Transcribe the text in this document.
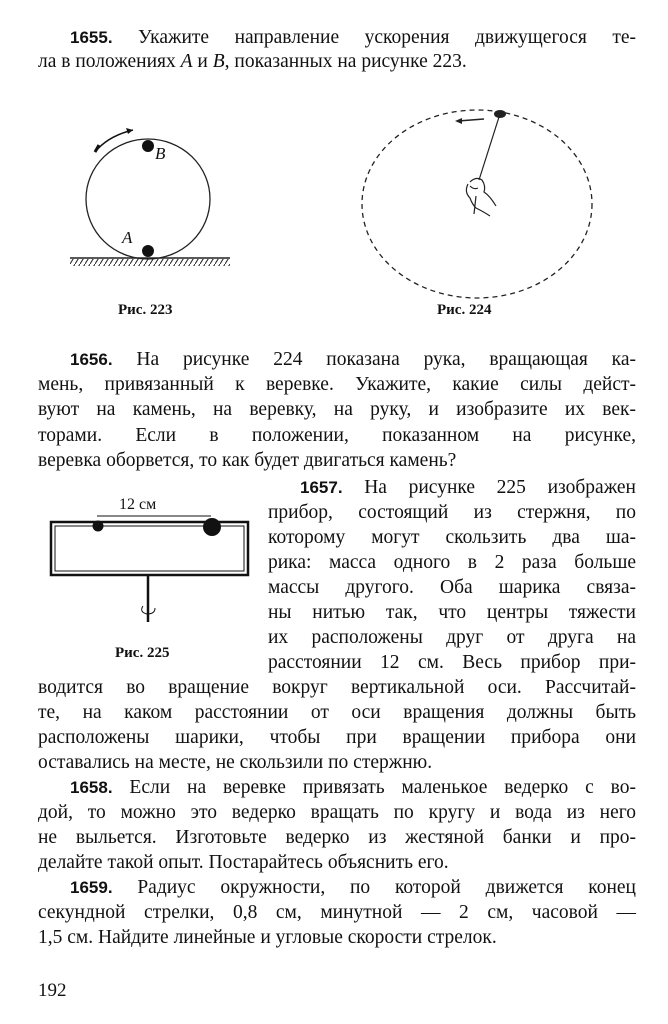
1655. Укажите направление ускорения движущегося те-
ла в положениях A и B, показанных на рисунке 223.
B
A
12 см
Рис. 223	Рис. 224
Рис. 225
1656. На рисунке 224 показана рука, вращающая ка-
мень, привязанный к веревке. Укажите, какие силы дейст-
вуют на камень, на веревку, на руку, и изобразите их век-
торами. Если в положении, показанном на рисунке,
веревка оборвется, то как будет двигаться камень?
1657. На рисунке 225 изображен
прибор, состоящий из стержня, по
которому могут скользить два ша-
рика: масса одного в 2 раза больше
массы другого. Оба шарика связа-
ны нитью так, что центры тяжести
их расположены друг от друга на
расстоянии 12 см. Весь прибор при-
водится во вращение вокруг вертикальной оси. Рассчитай-
те, на каком расстоянии от оси вращения должны быть
расположены шарики, чтобы при вращении прибора они
оставались на месте, не скользили по стержню.
1658. Если на веревке привязать маленькое ведерко с во-
дой, то можно это ведерко вращать по кругу и вода из него
не выльется. Изготовьте ведерко из жестяной банки и про-
делайте такой опыт. Постарайтесь объяснить его.
1659. Радиус окружности, по которой движется конец
секундной стрелки, 0,8 см, минутной — 2 см, часовой —
1,5 см. Найдите линейные и угловые скорости стрелок.
192
